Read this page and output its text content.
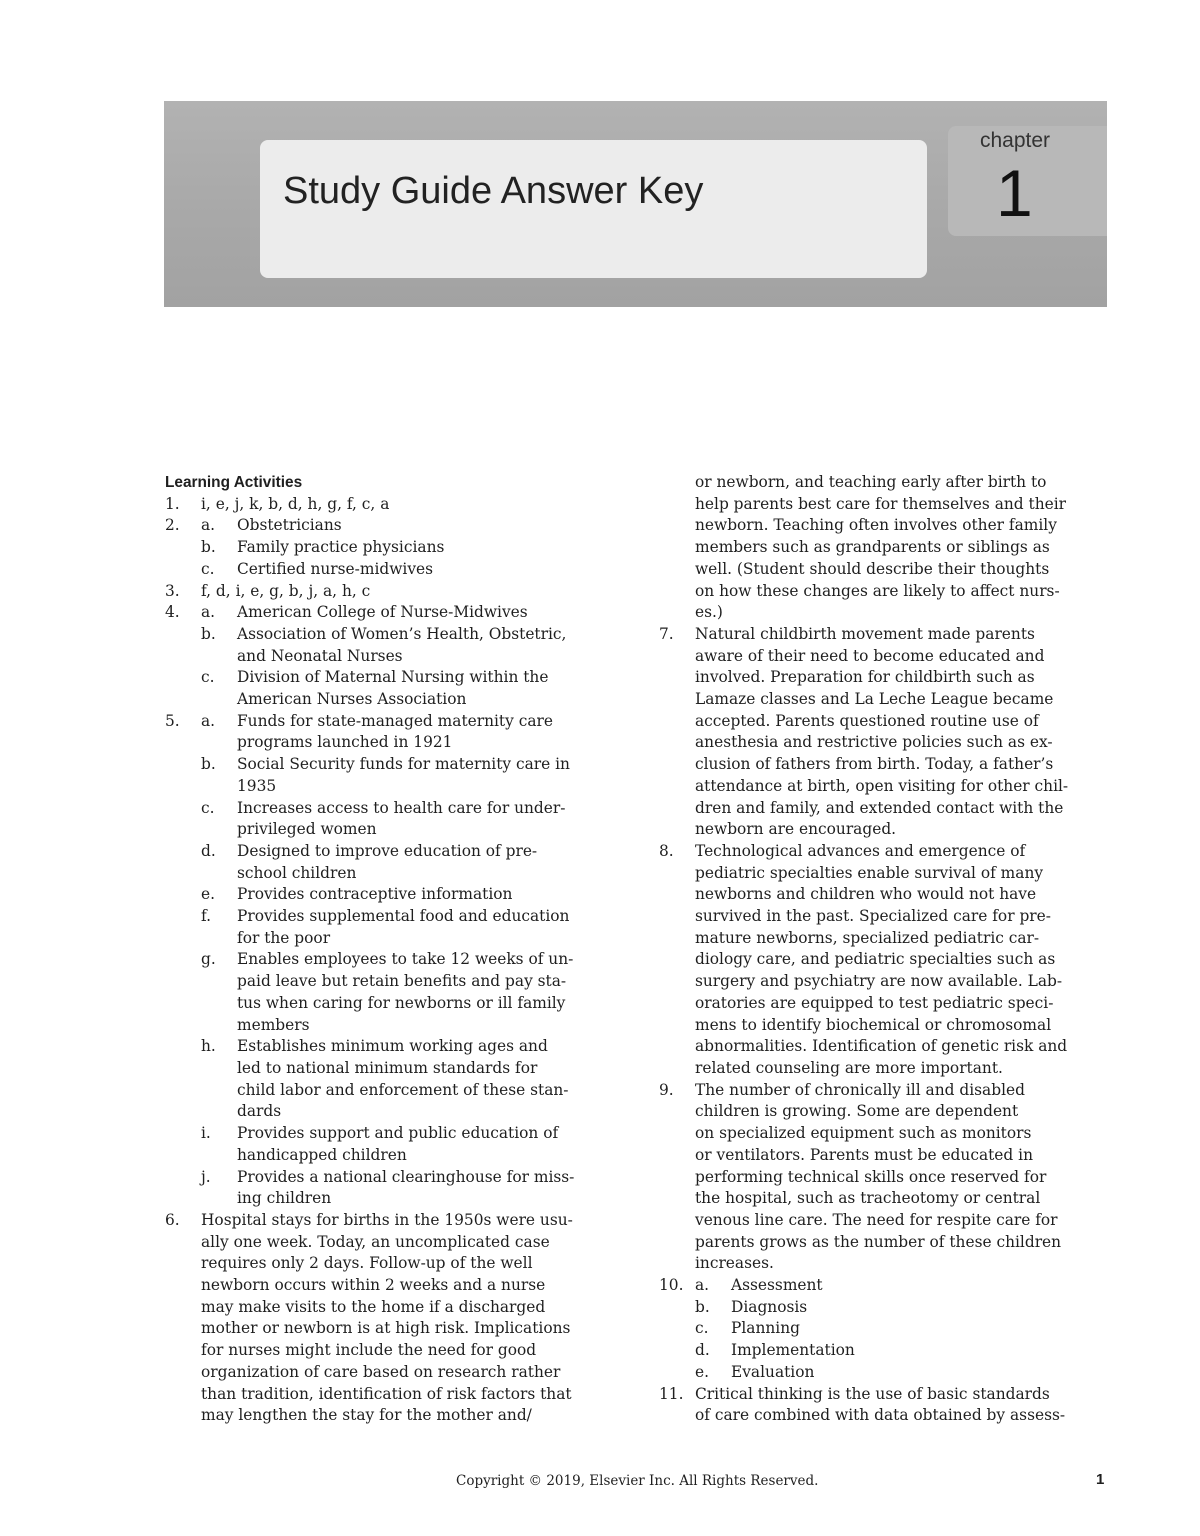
Study Guide Answer Key
chapter
1

Learning Activities

1. i, e, j, k, b, d, h, g, f, c, a
2. a. Obstetricians
b. Family practice physicians
c. Certified nurse-midwives
3. f, d, i, e, g, b, j, a, h, c
4. a. American College of Nurse-Midwives
b. Association of Women’s Health, Obstetric,
and Neonatal Nurses
c. Division of Maternal Nursing within the
American Nurses Association
5. a. Funds for state-managed maternity care
programs launched in 1921
b. Social Security funds for maternity care in
1935
c. Increases access to health care for under-
privileged women
d. Designed to improve education of pre-
school children
e. Provides contraceptive information
f. Provides supplemental food and education
for the poor
g. Enables employees to take 12 weeks of un-
paid leave but retain benefits and pay sta-
tus when caring for newborns or ill family
members
h. Establishes minimum working ages and
led to national minimum standards for
child labor and enforcement of these stan-
dards
i. Provides support and public education of
handicapped children
j. Provides a national clearinghouse for miss-
ing children
6. Hospital stays for births in the 1950s were usu-
ally one week. Today, an uncomplicated case
requires only 2 days. Follow-up of the well
newborn occurs within 2 weeks and a nurse
may make visits to the home if a discharged
mother or newborn is at high risk. Implications
for nurses might include the need for good
organization of care based on research rather
than tradition, identification of risk factors that
may lengthen the stay for the mother and/
or newborn, and teaching early after birth to
help parents best care for themselves and their
newborn. Teaching often involves other family
members such as grandparents or siblings as
well. (Student should describe their thoughts
on how these changes are likely to affect nurs-
es.)
7. Natural childbirth movement made parents
aware of their need to become educated and
involved. Preparation for childbirth such as
Lamaze classes and La Leche League became
accepted. Parents questioned routine use of
anesthesia and restrictive policies such as ex-
clusion of fathers from birth. Today, a father’s
attendance at birth, open visiting for other chil-
dren and family, and extended contact with the
newborn are encouraged.
8. Technological advances and emergence of
pediatric specialties enable survival of many
newborns and children who would not have
survived in the past. Specialized care for pre-
mature newborns, specialized pediatric car-
diology care, and pediatric specialties such as
surgery and psychiatry are now available. Lab-
oratories are equipped to test pediatric speci-
mens to identify biochemical or chromosomal
abnormalities. Identification of genetic risk and
related counseling are more important.
9. The number of chronically ill and disabled
children is growing. Some are dependent
on specialized equipment such as monitors
or ventilators. Parents must be educated in
performing technical skills once reserved for
the hospital, such as tracheotomy or central
venous line care. The need for respite care for
parents grows as the number of these children
increases.
10. a. Assessment
b. Diagnosis
c. Planning
d. Implementation
e. Evaluation
11. Critical thinking is the use of basic standards
of care combined with data obtained by assess-
Copyright © 2019, Elsevier Inc. All Rights Reserved.	1
